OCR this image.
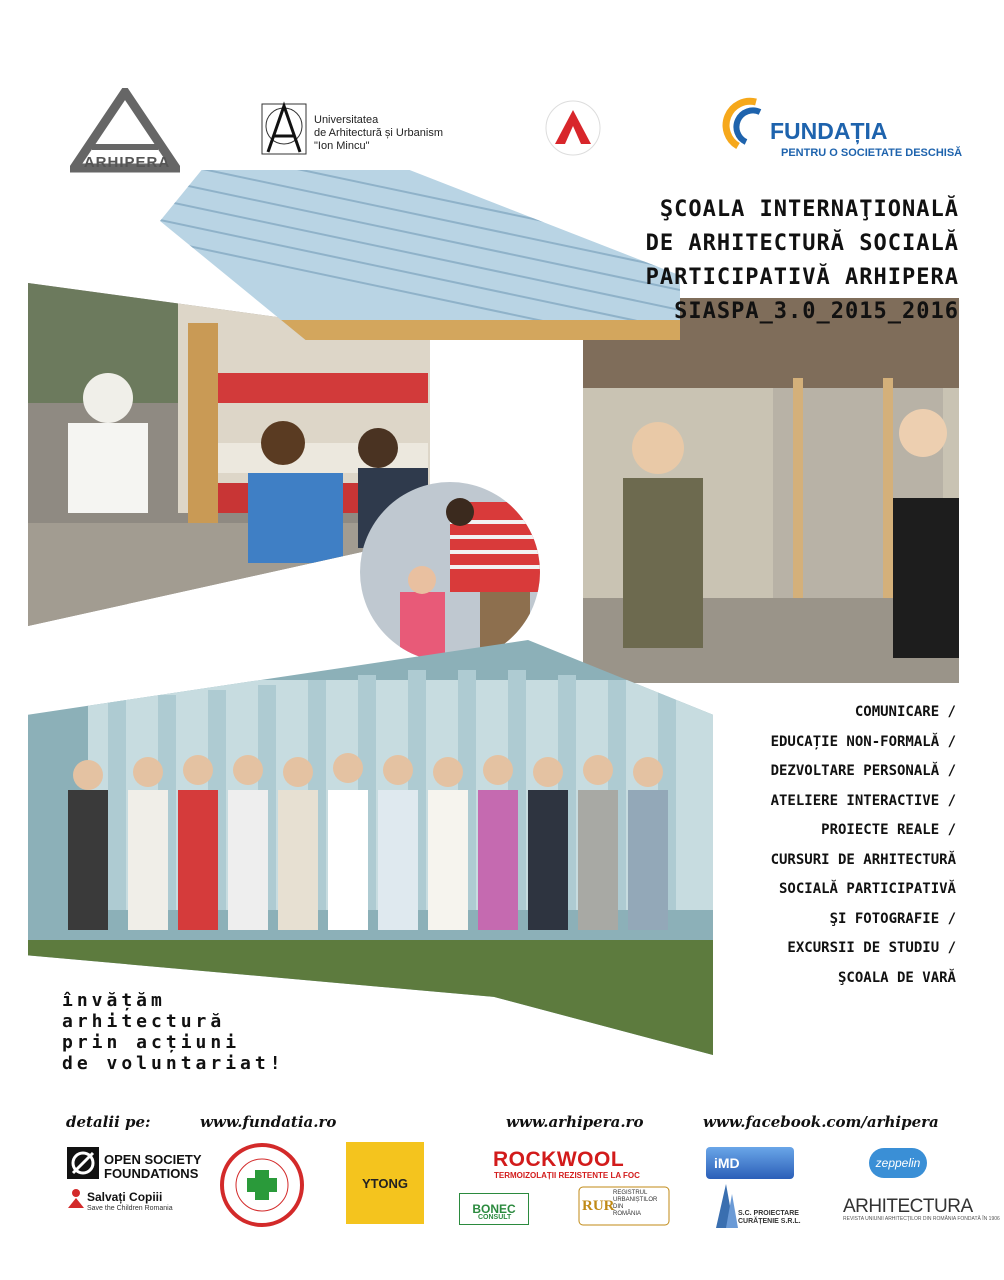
ARHIPERA
Universitatea
de Arhitectură și Urbanism
"Ion Mincu"
FUNDAȚIA
PENTRU O SOCIETATE DESCHISĂ
ŞCOALA INTERNAŢIONALĂ
DE ARHITECTURĂ SOCIALĂ
PARTICIPATIVĂ ARHIPERA
SIASPA_3.0_2015_2016
COMUNICARE /
EDUCAȚIE NON-FORMALĂ /
DEZVOLTARE PERSONALĂ /
ATELIERE INTERACTIVE /
PROIECTE REALE /
CURSURI DE ARHITECTURĂ
SOCIALĂ PARTICIPATIVĂ
ŞI FOTOGRAFIE /
EXCURSII DE STUDIU /
ŞCOALA DE VARĂ
învățăm
arhitectură
prin acțiuni
de voluntariat!
detalii pe:	www.fundatia.ro	www.arhipera.ro	www.facebook.com/arhipera
OPEN SOCIETY
FOUNDATIONS
Salvați Copiii
Save the Children Romania
YTONG
ROCKWOOL
TERMOIZOLAȚII REZISTENTE LA FOC
iMD	zeppelin
BONEC
CONSULT
RUR
REGISTRUL
URBANIȘTILOR
DIN
ROMÂNIA	S.C. PROIECTARE
CURĂȚENIE S.R.L.
ARHITECTURA
REVISTA UNIUNII ARHITECȚILOR DIN ROMÂNIA FONDATĂ ÎN 1906
